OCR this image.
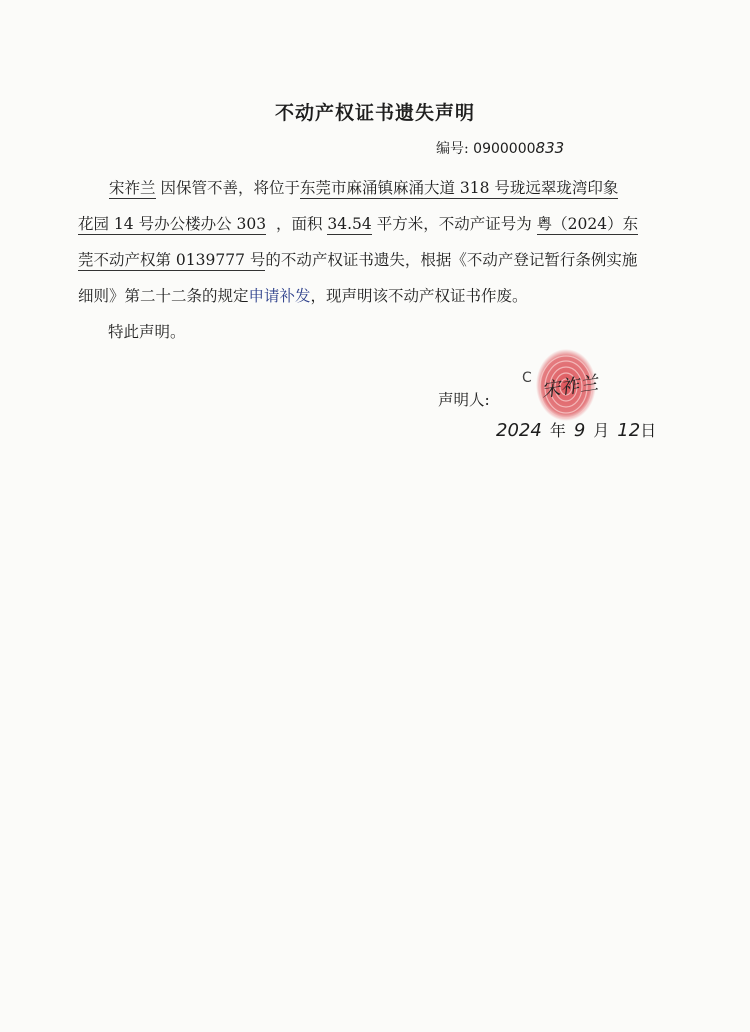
不动产权证书遗失声明
编号: 0900000833
宋祚兰 因保管不善，将位于东莞市麻涌镇麻涌大道 318 号珑远翠珑湾印象
花园 14 号办公楼办公 303 ，面积 34.54 平方米，不动产证号为 粤（2024）东
莞不动产权第 0139777 号的不动产权证书遗失，根据《不动产登记暂行条例实施
细则》第二十二条的规定申请补发，现声明该不动产权证书作废。
特此声明。
声明人:
C 宋祚兰
2024 年 9 月 12日
